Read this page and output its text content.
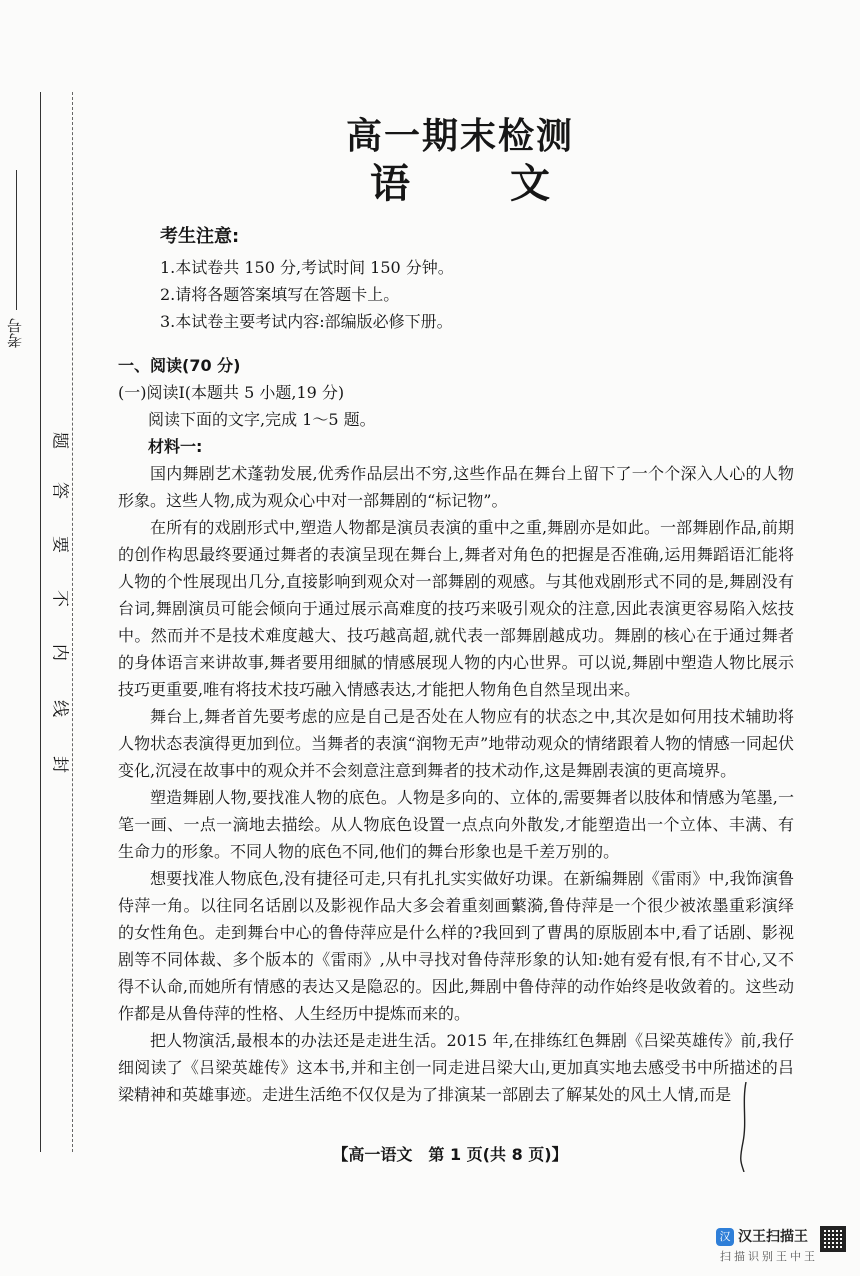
考号
题
答
要
不
内
线
封
高一期末检测
语文
考生注意:
1.本试卷共 150 分,考试时间 150 分钟。
2.请将各题答案填写在答题卡上。
3.本试卷主要考试内容:部编版必修下册。
一、阅读(70 分)
(一)阅读Ⅰ(本题共 5 小题,19 分)
阅读下面的文字,完成 1～5 题。
材料一:

国内舞剧艺术蓬勃发展,优秀作品层出不穷,这些作品在舞台上留下了一个个深入人心的人物形象。这些人物,成为观众心中对一部舞剧的“标记物”。

在所有的戏剧形式中,塑造人物都是演员表演的重中之重,舞剧亦是如此。一部舞剧作品,前期的创作构思最终要通过舞者的表演呈现在舞台上,舞者对角色的把握是否准确,运用舞蹈语汇能将人物的个性展现出几分,直接影响到观众对一部舞剧的观感。与其他戏剧形式不同的是,舞剧没有台词,舞剧演员可能会倾向于通过展示高难度的技巧来吸引观众的注意,因此表演更容易陷入炫技中。然而并不是技术难度越大、技巧越高超,就代表一部舞剧越成功。舞剧的核心在于通过舞者的身体语言来讲故事,舞者要用细腻的情感展现人物的内心世界。可以说,舞剧中塑造人物比展示技巧更重要,唯有将技术技巧融入情感表达,才能把人物角色自然呈现出来。

舞台上,舞者首先要考虑的应是自己是否处在人物应有的状态之中,其次是如何用技术辅助将人物状态表演得更加到位。当舞者的表演“润物无声”地带动观众的情绪跟着人物的情感一同起伏变化,沉浸在故事中的观众并不会刻意注意到舞者的技术动作,这是舞剧表演的更高境界。

塑造舞剧人物,要找准人物的底色。人物是多向的、立体的,需要舞者以肢体和情感为笔墨,一笔一画、一点一滴地去描绘。从人物底色设置一点点向外散发,才能塑造出一个立体、丰满、有生命力的形象。不同人物的底色不同,他们的舞台形象也是千差万别的。

想要找准人物底色,没有捷径可走,只有扎扎实实做好功课。在新编舞剧《雷雨》中,我饰演鲁侍萍一角。以往同名话剧以及影视作品大多会着重刻画蘩漪,鲁侍萍是一个很少被浓墨重彩演绎的女性角色。走到舞台中心的鲁侍萍应是什么样的?我回到了曹禺的原版剧本中,看了话剧、影视剧等不同体裁、多个版本的《雷雨》,从中寻找对鲁侍萍形象的认知:她有爱有恨,有不甘心,又不得不认命,而她所有情感的表达又是隐忍的。因此,舞剧中鲁侍萍的动作始终是收敛着的。这些动作都是从鲁侍萍的性格、人生经历中提炼而来的。

把人物演活,最根本的办法还是走进生活。2015 年,在排练红色舞剧《吕梁英雄传》前,我仔细阅读了《吕梁英雄传》这本书,并和主创一同走进吕梁大山,更加真实地去感受书中所描述的吕梁精神和英雄事迹。走进生活绝不仅仅是为了排演某一部剧去了解某处的风土人情,而是

【高一语文　第 1 页(共 8 页)】
汉 汉王扫描王
扫描识别王中王
